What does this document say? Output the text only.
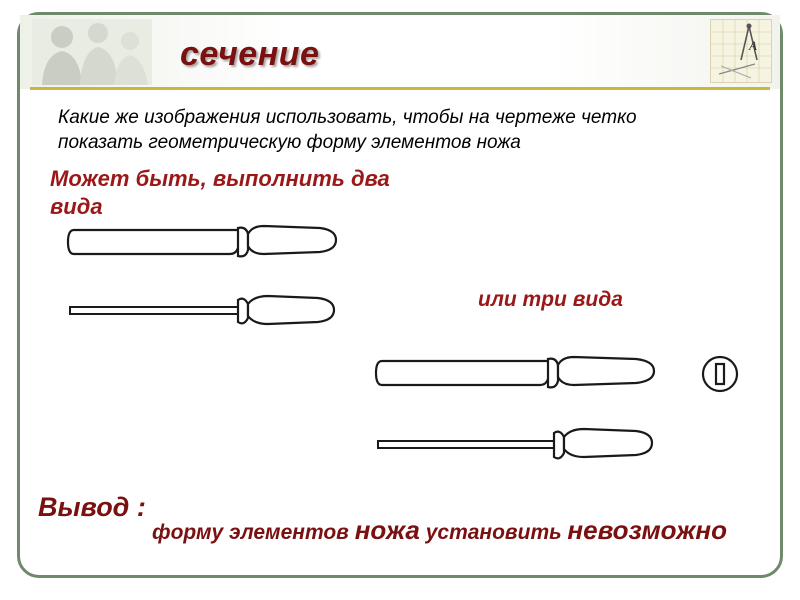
сечение	A

Какие же изображения использовать, чтобы на чертеже четко показать геометрическую форму элементов ножа

Может быть, выполнить два вида

или три вида

Вывод :

форму элементов ножа установить невозможно
